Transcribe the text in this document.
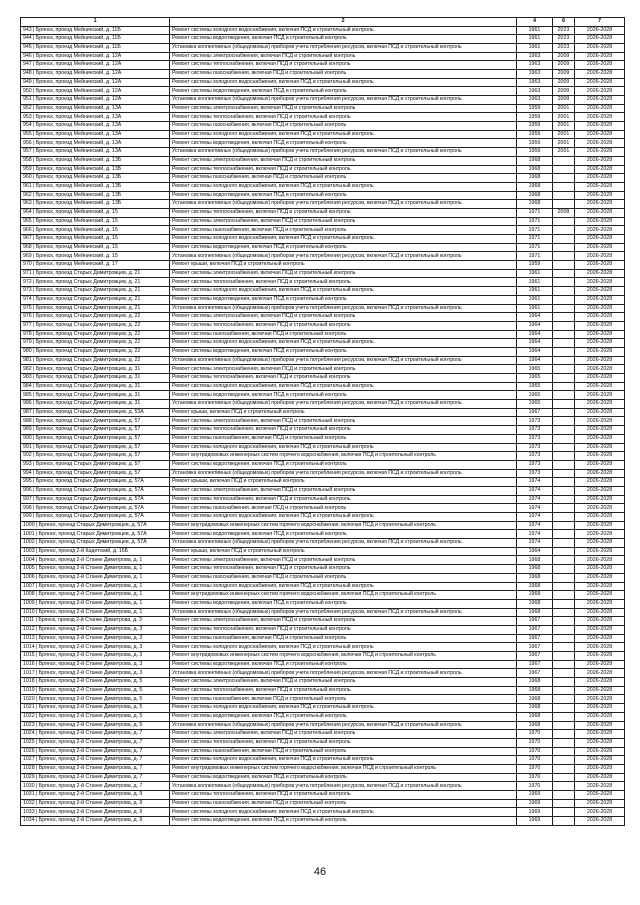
1	2	4	6	7
943 | Брянск, проезд Мейнинский, д. 11Б	Ремонт системы холодного водоснабжения, включая ПСД и строительный контроль	1961	2023	2026-2028
944 | Брянск, проезд Мейнинский, д. 11Б	Ремонт системы водоотведения, включая ПСД и строительный контроль	1961	2023	2026-2028
945 | Брянск, проезд Мейнинский, д. 11Б	Установка коллективных (общедомовых) приборов учета потребления ресурсов, включая ПСД и строительный контроль	1961	2023	2026-2028
946 | Брянск, проезд Мейнинский, д. 12А	Ремонт системы электроснабжения, включая ПСД и строительный контроль	1963	2009	2026-2028
947 | Брянск, проезд Мейнинский, д. 12А	Ремонт системы теплоснабжения, включая ПСД и строительный контроль	1963	2009	2026-2028
948 | Брянск, проезд Мейнинский, д. 12А	Ремонт системы газоснабжения, включая ПСД и строительный контроль	1963	2009	2026-2028
949 | Брянск, проезд Мейнинский, д. 12А	Ремонт системы холодного водоснабжения, включая ПСД и строительный контроль	1963	2009	2026-2028
950 | Брянск, проезд Мейнинский, д. 12А	Ремонт системы водоотведения, включая ПСД и строительный контроль	1963	2009	2026-2028
951 | Брянск, проезд Мейнинский, д. 12А	Установка коллективных (общедомовых) приборов учета потребления ресурсов, включая ПСД и строительный контроль	1963	2009	2026-2028
952 | Брянск, проезд Мейнинский, д. 13А	Ремонт системы электроснабжения, включая ПСД и строительный контроль	1959	2001	2026-2028
953 | Брянск, проезд Мейнинский, д. 13А	Ремонт системы теплоснабжения, включая ПСД и строительный контроль	1959	2001	2026-2028
954 | Брянск, проезд Мейнинский, д. 13А	Ремонт системы газоснабжения, включая ПСД и строительный контроль	1959	2001	2026-2028
955 | Брянск, проезд Мейнинский, д. 13А	Ремонт системы холодного водоснабжения, включая ПСД и строительный контроль	1959	2001	2026-2028
956 | Брянск, проезд Мейнинский, д. 13А	Ремонт системы водоотведения, включая ПСД и строительный контроль	1959	2001	2026-2028
957 | Брянск, проезд Мейнинский, д. 13А	Установка коллективных (общедомовых) приборов учета потребления ресурсов, включая ПСД и строительный контроль	1959	2001	2026-2028
958 | Брянск, проезд Мейнинский, д. 13Б	Ремонт системы электроснабжения, включая ПСД и строительный контроль	1968		2026-2028
959 | Брянск, проезд Мейнинский, д. 13Б	Ремонт системы теплоснабжения, включая ПСД и строительный контроль	1968		2026-2028
960 | Брянск, проезд Мейнинский, д. 13Б	Ремонт системы газоснабжения, включая ПСД и строительный контроль	1968		2026-2028
961 | Брянск, проезд Мейнинский, д. 13Б	Ремонт системы холодного водоснабжения, включая ПСД и строительный контроль	1968		2026-2028
962 | Брянск, проезд Мейнинский, д. 13Б	Ремонт системы водоотведения, включая ПСД и строительный контроль	1968		2026-2028
963 | Брянск, проезд Мейнинский, д. 13Б	Установка коллективных (общедомовых) приборов учета потребления ресурсов, включая ПСД и строительный контроль	1968		2026-2028
964 | Брянск, проезд Мейнинский, д. 15	Ремонт системы теплоснабжения, включая ПСД и строительный контроль	1971	2008	2026-2028
965 | Брянск, проезд Мейнинский, д. 15	Ремонт системы электроснабжения, включая ПСД и строительный контроль	1971		2026-2028
966 | Брянск, проезд Мейнинский, д. 15	Ремонт системы газоснабжения, включая ПСД и строительный контроль	1971		2026-2028
967 | Брянск, проезд Мейнинский, д. 15	Ремонт системы холодного водоснабжения, включая ПСД и строительный контроль	1971		2026-2028
968 | Брянск, проезд Мейнинский, д. 15	Ремонт системы водоотведения, включая ПСД и строительный контроль	1971		2026-2028
969 | Брянск, проезд Мейнинский, д. 15	Установка коллективных (общедомовых) приборов учета потребления ресурсов, включая ПСД и строительный контроль	1971		2026-2028
970 | Брянск, проезд Мейнинский, д. 17	Ремонт крыши, включая ПСД и строительный контроль	1959		2026-2028
971 | Брянск, проезд Старых Димитровцев, д. 21	Ремонт системы электроснабжения, включая ПСД и строительный контроль	1961		2026-2028
972 | Брянск, проезд Старых Димитровцев, д. 21	Ремонт системы теплоснабжения, включая ПСД и строительный контроль	1961		2026-2028
973 | Брянск, проезд Старых Димитровцев, д. 21	Ремонт системы холодного водоснабжения, включая ПСД и строительный контроль	1961		2026-2028
974 | Брянск, проезд Старых Димитровцев, д. 21	Ремонт системы водоотведения, включая ПСД и строительный контроль	1961		2026-2028
975 | Брянск, проезд Старых Димитровцев, д. 21	Установка коллективных (общедомовых) приборов учета потребления ресурсов, включая ПСД и строительный контроль	1961		2026-2028
976 | Брянск, проезд Старых Димитровцев, д. 22	Ремонт системы электроснабжения, включая ПСД и строительный контроль	1964		2026-2028
977 | Брянск, проезд Старых Димитровцев, д. 22	Ремонт системы теплоснабжения, включая ПСД и строительный контроль	1964		2026-2028
978 | Брянск, проезд Старых Димитровцев, д. 22	Ремонт системы газоснабжения, включая ПСД и строительный контроль	1964		2026-2028
979 | Брянск, проезд Старых Димитровцев, д. 22	Ремонт системы холодного водоснабжения, включая ПСД и строительный контроль	1964		2026-2028
980 | Брянск, проезд Старых Димитровцев, д. 22	Ремонт системы водоотведения, включая ПСД и строительный контроль	1964		2026-2028
981 | Брянск, проезд Старых Димитровцев, д. 22	Установка коллективных (общедомовых) приборов учета потребления ресурсов, включая ПСД и строительный контроль	1964		2026-2028
982 | Брянск, проезд Старых Димитровцев, д. 31	Ремонт системы электроснабжения, включая ПСД и строительный контроль	1965		2026-2028
983 | Брянск, проезд Старых Димитровцев, д. 31	Ремонт системы теплоснабжения, включая ПСД и строительный контроль	1965		2026-2028
984 | Брянск, проезд Старых Димитровцев, д. 31	Ремонт системы холодного водоснабжения, включая ПСД и строительный контроль	1965		2026-2028
985 | Брянск, проезд Старых Димитровцев, д. 31	Ремонт системы водоотведения, включая ПСД и строительный контроль	1965		2026-2028
986 | Брянск, проезд Старых Димитровцев, д. 31	Установка коллективных (общедомовых) приборов учета потребления ресурсов, включая ПСД и строительный контроль	1965		2026-2028
987 | Брянск, проезд Старых Димитровцев, д. 53А	Ремонт крыши, включая ПСД и строительный контроль	1967		2026-2028
988 | Брянск, проезд Старых Димитровцев, д. 57	Ремонт системы электроснабжения, включая ПСД и строительный контроль	1973		2026-2028
989 | Брянск, проезд Старых Димитровцев, д. 57	Ремонт системы теплоснабжения, включая ПСД и строительный контроль	1973		2026-2028
990 | Брянск, проезд Старых Димитровцев, д. 57	Ремонт системы газоснабжения, включая ПСД и строительный контроль	1973		2026-2028
991 | Брянск, проезд Старых Димитровцев, д. 57	Ремонт системы холодного водоснабжения, включая ПСД и строительный контроль	1973		2026-2028
992 | Брянск, проезд Старых Димитровцев, д. 57	Ремонт внутридомовых инженерных систем горячего водоснабжения, включая ПСД и строительный контроль	1973		2026-2028
993 | Брянск, проезд Старых Димитровцев, д. 57	Ремонт системы водоотведения, включая ПСД и строительный контроль	1973		2026-2028
994 | Брянск, проезд Старых Димитровцев, д. 57	Установка коллективных (общедомовых) приборов учета потребления ресурсов, включая ПСД и строительный контроль	1973		2026-2028
995 | Брянск, проезд Старых Димитровцев, д. 57А	Ремонт крыши, включая ПСД и строительный контроль	1974		2026-2028
996 | Брянск, проезд Старых Димитровцев, д. 57А	Ремонт системы электроснабжения, включая ПСД и строительный контроль	1974		2026-2028
997 | Брянск, проезд Старых Димитровцев, д. 57А	Ремонт системы теплоснабжения, включая ПСД и строительный контроль	1974		2026-2028
998 | Брянск, проезд Старых Димитровцев, д. 57А	Ремонт системы газоснабжения, включая ПСД и строительный контроль	1974		2026-2028
999 | Брянск, проезд Старых Димитровцев, д. 57А	Ремонт системы холодного водоснабжения, включая ПСД и строительный контроль	1974		2026-2028
1000 | Брянск, проезд Старых Димитровцев, д. 57А	Ремонт внутридомовых инженерных систем горячего водоснабжения, включая ПСД и строительный контроль	1974		2026-2028
1001 | Брянск, проезд Старых Димитровцев, д. 57А	Ремонт системы водоотведения, включая ПСД и строительный контроль	1974		2026-2028
1002 | Брянск, проезд Старых Димитровцев, д. 57А	Установка коллективных (общедомовых) приборов учета потребления ресурсов, включая ПСД и строительный контроль	1974		2026-2028
1003 | Брянск, проезд 2-й Кадетский, д. 16Б	Ремонт крыши, включая ПСД и строительный контроль	1964		2026-2028
1004 | Брянск, проезд 2-й Станке Димитрова, д. 1	Ремонт системы электроснабжения, включая ПСД и строительный контроль	1968		2026-2028
1005 | Брянск, проезд 2-й Станке Димитрова, д. 1	Ремонт системы теплоснабжения, включая ПСД и строительный контроль	1968		2026-2028
1006 | Брянск, проезд 2-й Станке Димитрова, д. 1	Ремонт системы газоснабжения, включая ПСД и строительный контроль	1968		2026-2028
1007 | Брянск, проезд 2-й Станке Димитрова, д. 1	Ремонт системы холодного водоснабжения, включая ПСД и строительный контроль	1968		2026-2028
1008 | Брянск, проезд 2-й Станке Димитрова, д. 1	Ремонт внутридомовых инженерных систем горячего водоснабжения, включая ПСД и строительный контроль	1968		2026-2028
1009 | Брянск, проезд 2-й Станке Димитрова, д. 1	Ремонт системы водоотведения, включая ПСД и строительный контроль	1968		2026-2028
1010 | Брянск, проезд 2-й Станке Димитрова, д. 1	Установка коллективных (общедомовых) приборов учета потребления ресурсов, включая ПСД и строительный контроль	1968		2026-2028
1011 | Брянск, проезд 2-й Станке Димитрова, д. 3	Ремонт системы электроснабжения, включая ПСД и строительный контроль	1967		2026-2028
1012 | Брянск, проезд 2-й Станке Димитрова, д. 3	Ремонт системы теплоснабжения, включая ПСД и строительный контроль	1967		2026-2028
1013 | Брянск, проезд 2-й Станке Димитрова, д. 3	Ремонт системы газоснабжения, включая ПСД и строительный контроль	1967		2026-2028
1014 | Брянск, проезд 2-й Станке Димитрова, д. 3	Ремонт системы холодного водоснабжения, включая ПСД и строительный контроль	1967		2026-2028
1015 | Брянск, проезд 2-й Станке Димитрова, д. 3	Ремонт внутридомовых инженерных систем горячего водоснабжения, включая ПСД и строительный контроль	1967		2026-2028
1016 | Брянск, проезд 2-й Станке Димитрова, д. 3	Ремонт системы водоотведения, включая ПСД и строительный контроль	1967		2026-2028
1017 | Брянск, проезд 2-й Станке Димитрова, д. 3	Установка коллективных (общедомовых) приборов учета потребления ресурсов, включая ПСД и строительный контроль	1967		2026-2028
1018 | Брянск, проезд 2-й Станке Димитрова, д. 5	Ремонт системы электроснабжения, включая ПСД и строительный контроль	1968		2026-2028
1019 | Брянск, проезд 2-й Станке Димитрова, д. 5	Ремонт системы теплоснабжения, включая ПСД и строительный контроль	1968		2026-2028
1020 | Брянск, проезд 2-й Станке Димитрова, д. 5	Ремонт системы газоснабжения, включая ПСД и строительный контроль	1968		2026-2028
1021 | Брянск, проезд 2-й Станке Димитрова, д. 5	Ремонт системы холодного водоснабжения, включая ПСД и строительный контроль	1968		2026-2028
1022 | Брянск, проезд 2-й Станке Димитрова, д. 5	Ремонт системы водоотведения, включая ПСД и строительный контроль	1968		2026-2028
1023 | Брянск, проезд 2-й Станке Димитрова, д. 5	Установка коллективных (общедомовых) приборов учета потребления ресурсов, включая ПСД и строительный контроль	1968		2026-2028
1024 | Брянск, проезд 2-й Станке Димитрова, д. 7	Ремонт системы электроснабжения, включая ПСД и строительный контроль	1970		2026-2028
1025 | Брянск, проезд 2-й Станке Димитрова, д. 7	Ремонт системы теплоснабжения, включая ПСД и строительный контроль	1970		2026-2028
1026 | Брянск, проезд 2-й Станке Димитрова, д. 7	Ремонт системы газоснабжения, включая ПСД и строительный контроль	1970		2026-2028
1027 | Брянск, проезд 2-й Станке Димитрова, д. 7	Ремонт системы холодного водоснабжения, включая ПСД и строительный контроль	1970		2026-2028
1028 | Брянск, проезд 2-й Станке Димитрова, д. 7	Ремонт внутридомовых инженерных систем горячего водоснабжения, включая ПСД и строительный контроль	1970		2026-2028
1029 | Брянск, проезд 2-й Станке Димитрова, д. 7	Ремонт системы водоотведения, включая ПСД и строительный контроль	1970		2026-2028
1030 | Брянск, проезд 2-й Станке Димитрова, д. 7	Установка коллективных (общедомовых) приборов учета потребления ресурсов, включая ПСД и строительный контроль	1970		2026-2028
1031 | Брянск, проезд 2-й Станке Димитрова, д. 9	Ремонт системы теплоснабжения, включая ПСД и строительный контроль	1969		2026-2028
1032 | Брянск, проезд 2-й Станке Димитрова, д. 9	Ремонт системы газоснабжения, включая ПСД и строительный контроль	1969		2026-2028
1033 | Брянск, проезд 2-й Станке Димитрова, д. 9	Ремонт системы холодного водоснабжения, включая ПСД и строительный контроль	1969		2026-2028
1034 | Брянск, проезд 2-й Станке Димитрова, д. 9	Ремонт системы водоотведения, включая ПСД и строительный контроль	1969		2026-2028
46
